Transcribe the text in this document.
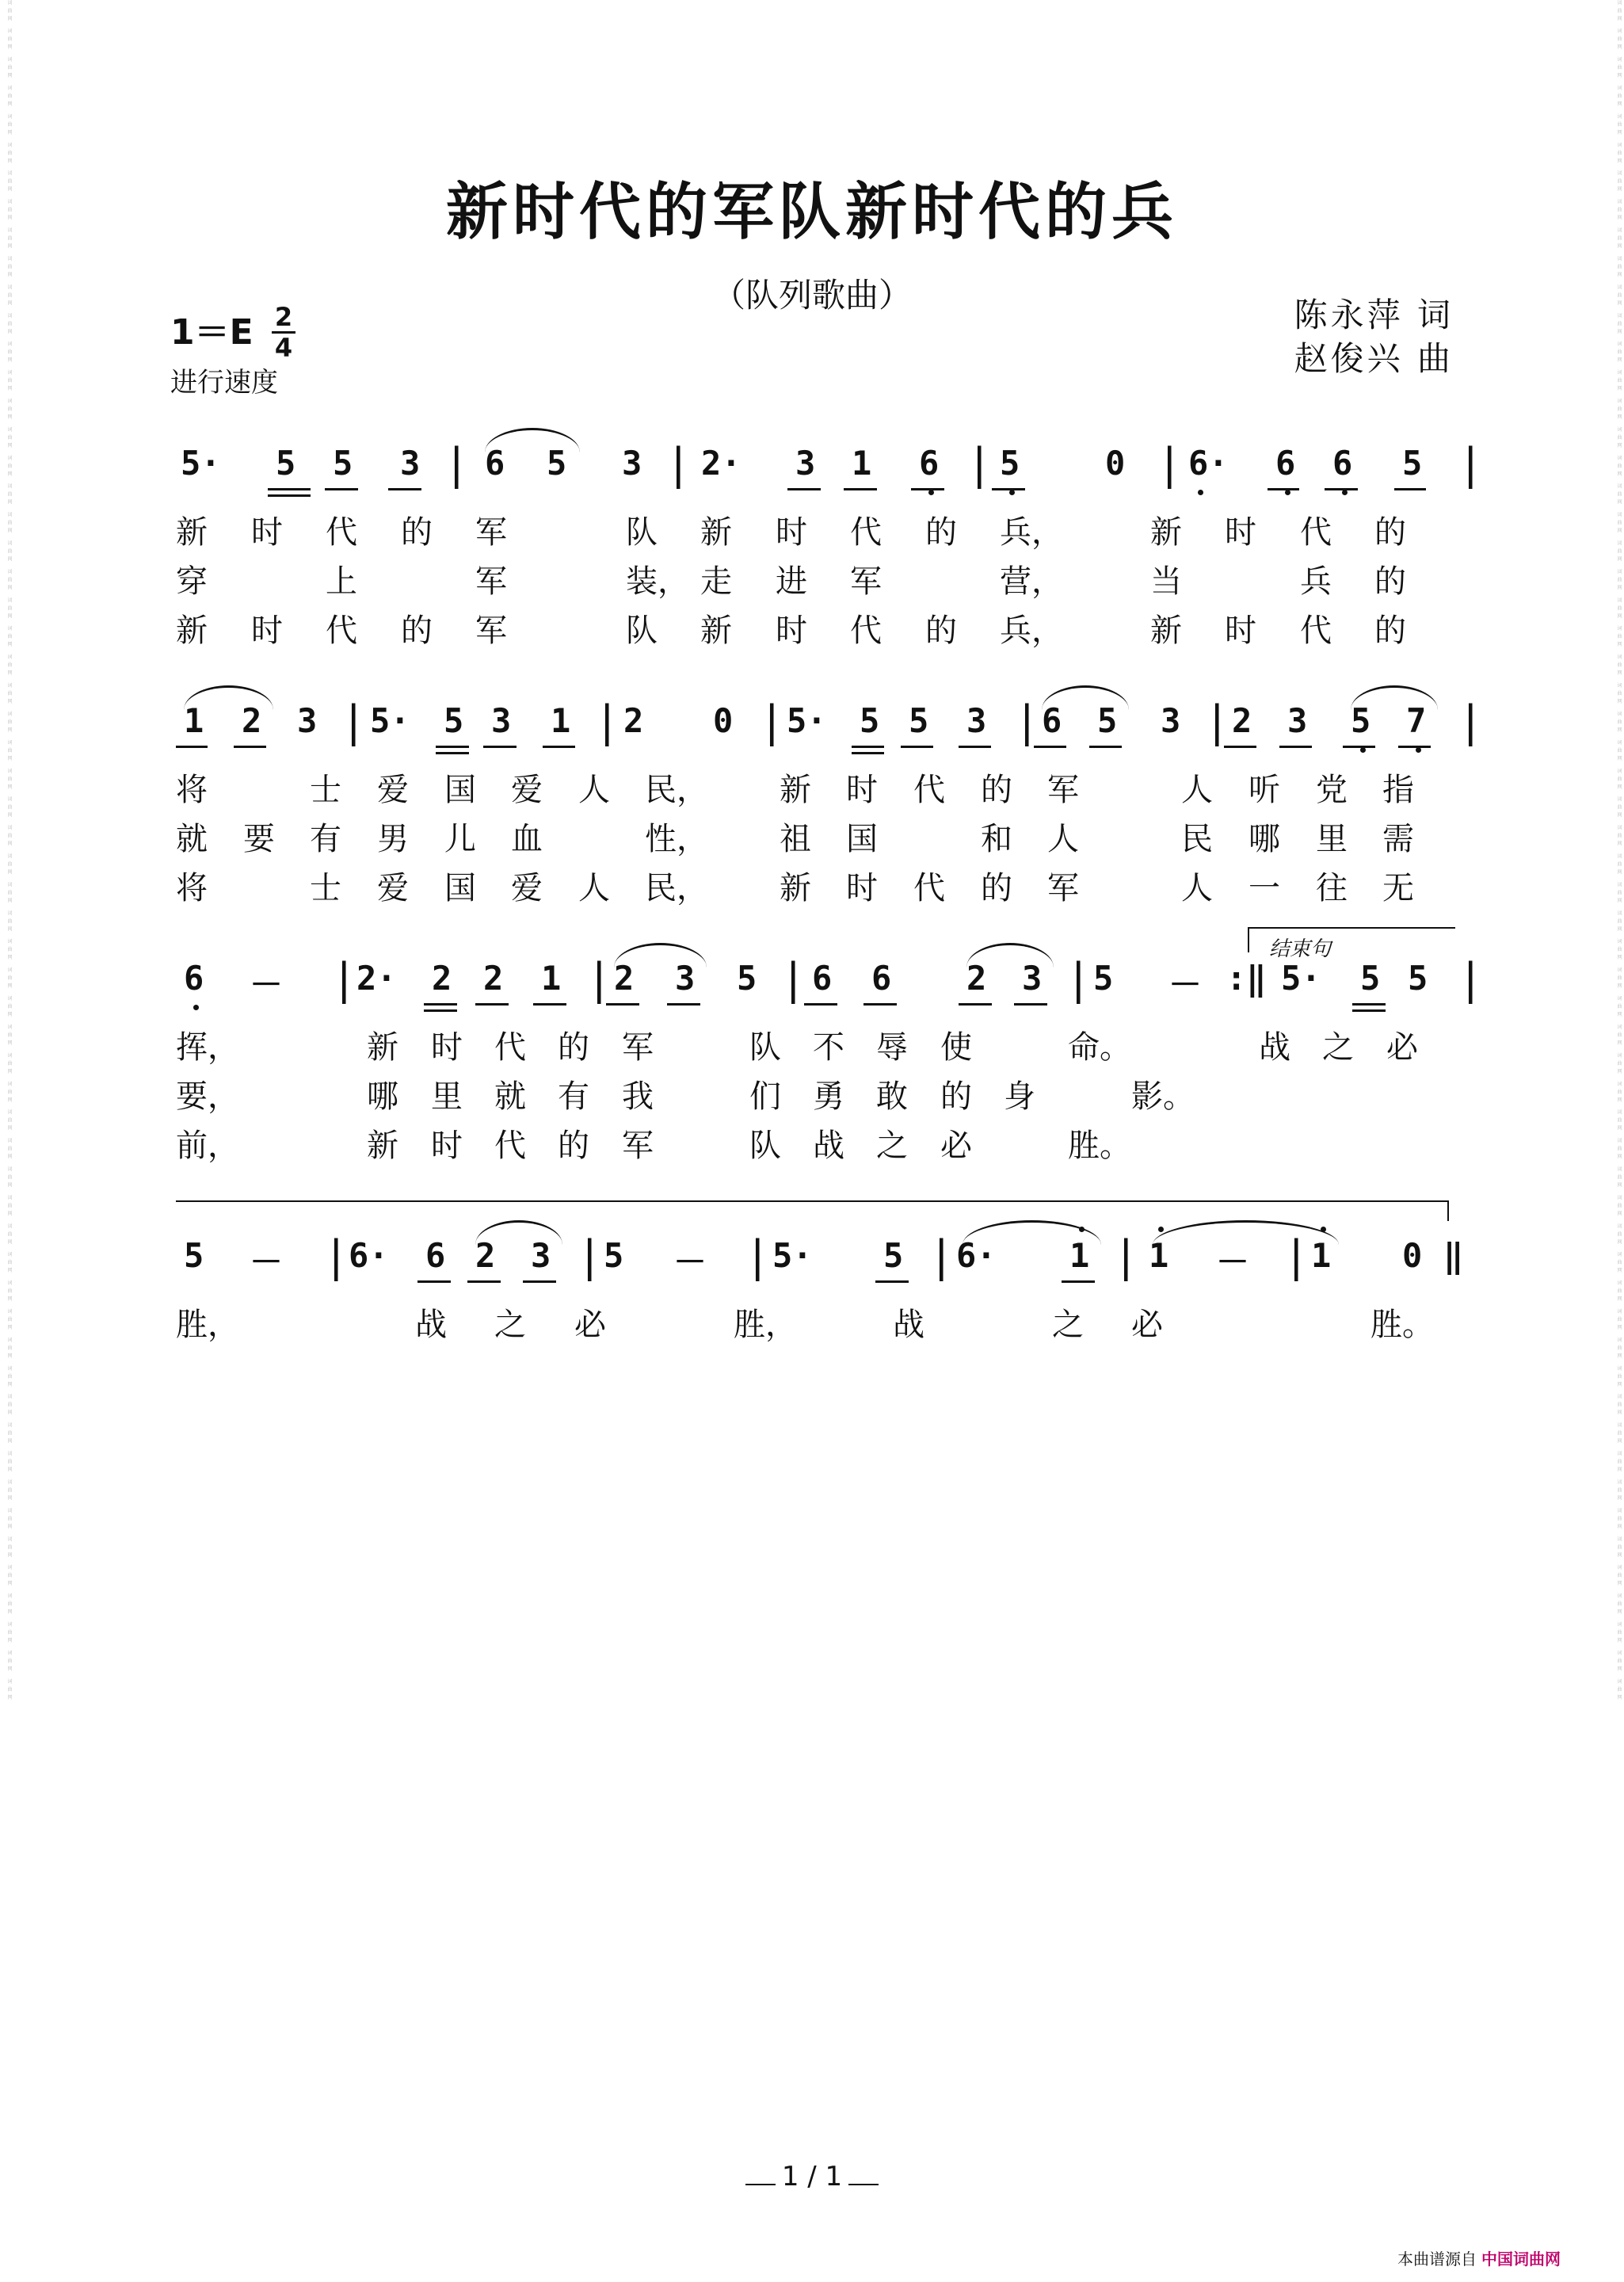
词曲网 词曲网 词曲网 词曲网 词曲网 词曲网 词曲网 词曲网 词曲网 词曲网 词曲网 词曲网 词曲网 词曲网 词曲网 词曲网 词曲网 词曲网 词曲网 词曲网 词曲网 词曲网 词曲网 词曲网 词曲网 词曲网 词曲网 词曲网 词曲网 词曲网 词曲网 词曲网 词曲网 词曲网 词曲网 词曲网 词曲网 词曲网 词曲网 词曲网 词曲网 词曲网 词曲网 词曲网 词曲网 词曲网 词曲网 词曲网 词曲网 词曲网 词曲网 词曲网 词曲网 词曲网 词曲网 词曲网 词曲网 词曲网 词曲网 词曲网	词曲网 词曲网 词曲网 词曲网 词曲网 词曲网 词曲网 词曲网 词曲网 词曲网 词曲网 词曲网 词曲网 词曲网 词曲网 词曲网 词曲网 词曲网 词曲网 词曲网 词曲网 词曲网 词曲网 词曲网 词曲网 词曲网 词曲网 词曲网 词曲网 词曲网 词曲网 词曲网 词曲网 词曲网 词曲网 词曲网 词曲网 词曲网 词曲网 词曲网 词曲网 词曲网 词曲网 词曲网 词曲网 词曲网 词曲网 词曲网 词曲网 词曲网 词曲网 词曲网 词曲网 词曲网 词曲网 词曲网 词曲网 词曲网 词曲网 词曲网
新时代的军队新时代的兵
（队列歌曲）
陈永萍 词
赵俊兴 曲
1＝E 2
4
进行速度
结束句
5· 5 5 3 | 6 5 3 | 2· 3 1 6 | 5	0 | 6· 6 6 5 |
新 时 代 的 军	队 新 时 代 的 兵，	新 时 代 的
穿	上	军	装， 走 进 军	营，	当	兵 的
新 时 代 的 军	队 新 时 代 的 兵，	新 时 代 的
1 2 3 | 5· 5 3 1 | 2 0 | 5· 5 5 3 | 6 5 3 | 2 3 5 7 |
将	士 爱 国 爱 人 民， 新 时 代 的 军	人 听 党 指
就 要 有 男 儿 血	性， 祖 国	和 人	民 哪 里 需
将	士 爱 国 爱 人 民， 新 时 代 的 军	人 一 往 无
6 － | 2· 2 2 1 | 2 3 5 | 6 6 2 3 | 5 － :‖ 5· 5 5 |
挥，	新 时 代 的 军	队 不 辱 使	命。	战 之 必
要，	哪 里 就 有 我	们 勇 敢 的 身	影。
前，	新 时 代 的 军	队 战 之 必	胜。
5 － | 6· 6 2 3 | 5 － | 5· 5 | 6· 1 | 1 － | 1 0 ‖
胜，	战 之 必	胜，	战	之 必	胜。
1 / 1
本曲谱源自 中国词曲网
